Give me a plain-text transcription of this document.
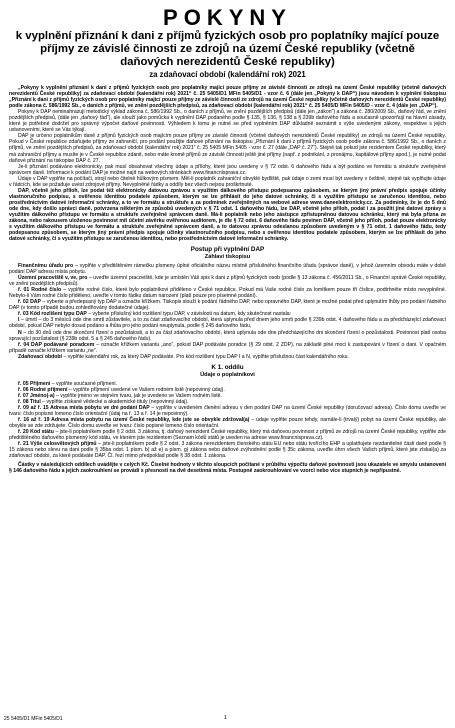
POKYNY
k vyplnění přiznání k dani z příjmů fyzických osob pro poplatníky mající pouze příjmy ze závislé činnosti ze zdrojů na území České republiky (včetně daňových nerezidentů České republiky)
za zdaňovací období (kalendářní rok) 2021

„Pokyny k vyplnění přiznání k dani z příjmů fyzických osob pro poplatníky mající pouze příjmy ze závislé činnosti ze zdrojů na území České republiky (včetně daňových nerezidentů České republiky) za zdaňovací období (kalendářní rok) 2021“ č. 25 5405/D1 MFin 5405/D1 - vzor č. 6 (dále jen „Pokyny k DAP“) jsou návodem k vyplnění tiskopisu „Přiznání k dani z příjmů fyzických osob pro poplatníky mající pouze příjmy ze závislé činnosti ze zdrojů na území České republiky (včetně daňových nerezidentů České republiky) podle zákona č. 586/1992 Sb., o daních z příjmů, ve znění pozdějších předpisů, za zdaňovací období (kalendářní rok) 2021“ č. 25 5405/D MFin 5405/D - vzor č. 4 (dále jen „DAP“).

Pokyny k DAP neminahrazují metodický výklad zákona č. 586/1992 Sb., o daních z příjmů, ve znění pozdějších předpisů (dále jen „zákon“) a zákona č. 280/2009 Sb., daňový řád, ve znění pozdějších předpisů, (dále jen „daňový řád“), ale slouží jako pomůcka k vyplnění DAP podaného podle § 135, § 136, § 138 a § 239b daňového řádu a současně upozorňují na hlavní zásady, které je potřebné dodržet pro správný výpočet daňové povinnosti. Výhledem k tomu je nutné se před vyplněním DAP důkladně seznámit s výše uvedenými zákony, respektive s jejich ustanoveními, které se Vás týkají.

DAP je určeno poplatníkům daně z příjmů fyzických osob majícím pouze příjmy ze závislé činnosti (včetně daňových nerezidentů České republiky) ze zdrojů na území České republiky. Pokud v České republice zdaňujete příjmy ze zahraničí, pro podání použijte daňové přiznání na tiskopisu „Přiznání k dani z příjmů fyzických osob podle zákona č. 586/1992 Sb., o daních z příjmů, ve znění pozdějších předpisů, za zdaňovací období (kalendářní rok) 2021“ č. 25 5405 MFin 5405 - vzor č. 27 (dále „DAP č. 27“). Stejně tak pokud jste rezidentem České republiky, který má zahraniční příjmy a musíte je v České republice zdanit, nebo máte kromě příjmů ze závislé činnosti ještě jiné příjmy (např. z podnikání, z pronájmu, kapitálové příjmy apod.), je nutné podat daňové přiznání na tiskopise DAP č. 27.

Je-li přiznání podáváno elektronicky, pak musí obsahovat všechny údaje a přílohy, které jsou uvedeny v § 72 odst. 6 daňového řádu a být podáno ve formátu a struktuře zveřejněné správcem daně. Informace k podání DAP je možné najít na webových stránkách www.financnisprava.cz.

Údaje v DAP vyplňte na počítači, strojí nebo čitelně hůlkovým písmem. Měl-li poplatník zahraniční obvyklé bydliště, pak údaje o zemi musí být uvedeny v češtině, stejně tak vyplňujte údaje v řádcích, kde se požaduje uvést zdrojové příjmy. Nevyplněné řádky a oddíly bez všech nejsou proškrtnuté.

DAP, včetně jeho příloh, lze podat též elektronicky datovou zprávou s využitím dálkového přístupu podepsanou způsobem, se kterým jiný právní předpis spojuje účinky vlastnoručního podpisu, s ověřenou identitou podatele způsobem, kterým se lze přihlásit do jeho datové schránky, či s využitím přístupu se zaručenou identitou, nebo prostřednictvím datové informační schránky, a to ve formátu a struktuře a za podmínek zveřejněných na webové adrese www.daneelektronicky.cz. Za podmínky, že je do 5 dnů ode dne, kdy došlo správci daně, potvrzena některým ze způsobů uvedených v § 71 odst. 1 daňového řádu, lze DAP, včetně jeho příloh, podat i za použití jiné datové zprávy s využitím dálkového přístupu ve formátu a struktuře zveřejněné správcem daně. Má-li poplatník nebo jeho zástupce zpřístupněnou datovou schránku, který má byla přízna ze zákona, nebo rakousem uloženou povinnost mít účetní závěrku ověřenou auditorem, je dle § 72 odst. 6 daňového řádu povinen DAP, včetně jeho příloh, podat pouze elektronicky s využitím dálkového přístupu ve formátu a struktuře zveřejněné správcem daně, a to datovou zprávou odeslanou způsobem uvedeným v § 71 odst. 1 daňového řádu, tedy podepsanou způsobem, se kterým jiný právní předpis spojuje účinky vlastnoručního podpisu, nebo s ověřenou identitou podatele způsobem, kterým se lze přihlásit do jeho datové schránky, či s využitím přístupu se zaručenou identitou, nebo prostřednictvím datové informační schránky.

Postup při vyplnění DAP
Záhlaví tiskopisu

Finančnímu úřadu pro – vyplňte v předtištěném rámečku písmeny úplné oficiálního názvu místně příslušného finančního úřadu (správce daně), v jehož územním obvodu máte v době podání DAP adresu místa pobytu.

Územní pracoviště v, ve, pro – uveďte územní pracoviště, kde je umístěn Váš spis k dani z příjmů fyzických osob (podle § 13 zákona č. 456/2011 Sb., o Finanční správě České republiky, ve znění pozdějších předpisů).

ř. 01 Rodné číslo – vyplňte rodné číslo, které bylo poplatníkovi přiděleno v České republice. Pokud má Vaše rodné číslo za lomítkem pouze tři číslice, podtrhněte místo nevyplněné. Nebylo-li Vám rodné číslo přiděleno, uveďte v tomto řádku datum narození (platí pouze pro písemné podání).

ř. 02 DAP – vyberte a předepsaný typ DAP a označte křížkem. Tiskopis slouží k podání řádného DAP, nebo opravného DAP, které je možné podat před uplynutím lhůty pro podání řádného DAP (v tomto případě budou zohledňovány dodatečné údaje).

ř. 03 Kód rozlišení typu DAP – vyberte příslušný kód rozlišení typu DAP, v závislosti na datum, kdy skutečnost nastala:

I – úmrtí – do 3 měsíců ode dne smrti zůstavitele, a to za část zdaňovacího období, která uplynula před dnem jeho smrti podle § 239b odst. 4 daňového řádu a za předcházející zdaňovací období, pokud DAP nebylo dosud podáno a lhůta pro jeho podání neuplynula, podle § 245 daňového řádu,

N – do 30 dnů ode dne skončení řízení o pozůstalosti, a to za část zdaňovacího období, která uplynula ode dne předcházejícího dni skončení řízení o pozůstalosti. Povinnost platí osoba spravující pozůstalost (§ 239b odst. 5 a § 245 daňového řádu).

ř. 04 DAP podávané poradcem – označte křížkem variantu „ano“, pokud DAP podáváte poradce (§ 29 odst. 2 ZDP), na základě plné moci k zastupování v řízení o dani. V opačném případě označte křížkem variantu „ne“.

Zdaňovací období – vyplňte kalendářní rok, za který DAP podáváte. Pro kód rozlišení typu DAP I a N, vyplňte příslušnou část kalendářního roku.

K 1. oddílu
Údaje o poplatníkovi

ř. 05 Příjmení – vyplňte současné příjmení.

ř. 06 Rodné příjmení – vyplňte příjmení uvedené ve Vašem rodném listě (nepovinný údaj).

ř. 07 Jméno(-a) – vyplňte jméno ve stejném tvaru, jak je uvedeno ve Vašem rodném listě.

ř. 08 Titul – vyplňte získané vědecké a akademické tituly (nepovinný údaj).

ř. 09 až ř. 15 Adresa místa pobytu ve dni podání DAP – vyplňte v uvedeném členění adresu v den podání DAP na území České republiky (doručovací adresa). Číslo domu uveďte ve tvaru: číslo popisné lomeno číslo orientační (údaj na ř. 13 a ř. 14 je nepovinný).

ř. 16 až ř. 19 Adresa místa pobytu na území České republiky, kde jste se obvykle zdržoval(a) – údaje vyplňte pouze tehdy, narnále-li (trvalý) pobyt na území České republiky, ale obvykle se zde zdržujete. Číslo domu uveďte ve tvaru: číslo popisné lomeno číslo orientační.

ř. 20 Kód státu – jste-li poplatníkem podle § 2 odst. 3 zákona, tj. daňový nerezident České republiky, který má daňovou povinnost z příjmů ze zdrojů na území České republiky, vyplňte zde předtištěného daňového písmenný kód státu, ve kterém jste rezidentem (Seznam kódů států je uveden na adrese www.financnisprava.cz).

ř. 21 Výše celosvětových příjmů – jste-li poplatníkem podle § 2 odst. 3 zákona nerezidentem členského státu EU nebo státu tvořícího EHP a uplatňujete nezdanitelné části daně podle § 15 zákona nebo slevu na dani podle § 35ba odst. 1 písm. b) až e) a písm. g) zákona nebo daňové zvýhodnění podle § 35c zákona, uveďte úhrn všech Vašich příjmů, které jste získal(a) za zdaňovací období, za které podáváte DAP. Čl. řezí mimo předpoklad podle § 38 odst. 1 zákona.

Částky v následujících oddílech uvádějte v celých Kč. Číselné hodnoty v těchto sloupcích počítané v průběhu výpočtu daňové povinnosti jsou ukazatele ve smyslu ustanovení § 146 daňového řádu a jejich zaokrouhlení se provádí s přesností na dvě desetinná místa. Postupně zaokrouhlování ve vzorci nebo více stupních je nepřípustné.

25 5405/D1 MFin 5405/D1	1
